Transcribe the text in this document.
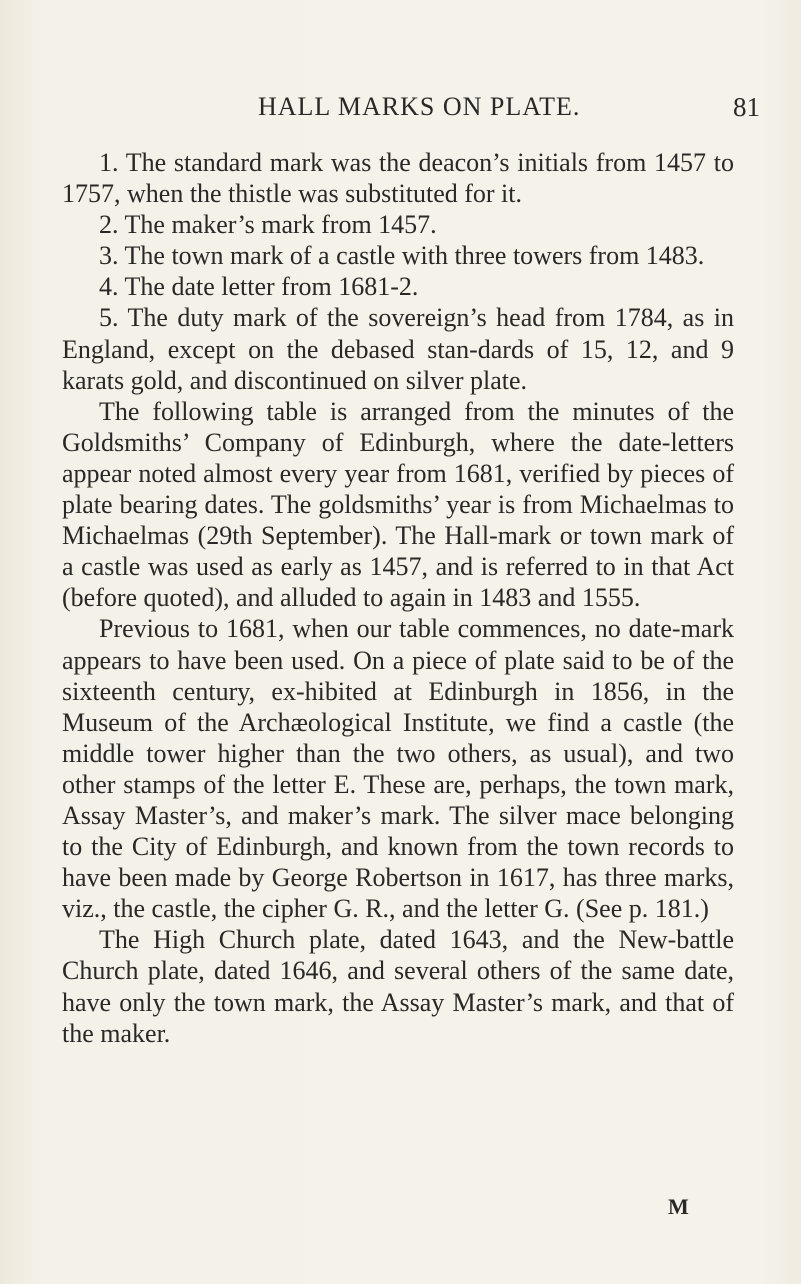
HALL MARKS ON PLATE.	81

1. The standard mark was the deacon’s initials from 1457 to 1757, when the thistle was substituted for it.

2. The maker’s mark from 1457.

3. The town mark of a castle with three towers from 1483.

4. The date letter from 1681-2.

5. The duty mark of the sovereign’s head from 1784, as in England, except on the debased stan-dards of 15, 12, and 9 karats gold, and discontinued on silver plate.

The following table is arranged from the minutes of the Goldsmiths’ Company of Edinburgh, where the date-letters appear noted almost every year from 1681, verified by pieces of plate bearing dates. The goldsmiths’ year is from Michaelmas to Michaelmas (29th September). The Hall-mark or town mark of a castle was used as early as 1457, and is referred to in that Act (before quoted), and alluded to again in 1483 and 1555.

Previous to 1681, when our table commences, no date-mark appears to have been used. On a piece of plate said to be of the sixteenth century, ex-hibited at Edinburgh in 1856, in the Museum of the Archæological Institute, we find a castle (the middle tower higher than the two others, as usual), and two other stamps of the letter E. These are, perhaps, the town mark, Assay Master’s, and maker’s mark. The silver mace belonging to the City of Edinburgh, and known from the town records to have been made by George Robertson in 1617, has three marks, viz., the castle, the cipher G. R., and the letter G. (See p. 181.)

The High Church plate, dated 1643, and the New-battle Church plate, dated 1646, and several others of the same date, have only the town mark, the Assay Master’s mark, and that of the maker.

M
